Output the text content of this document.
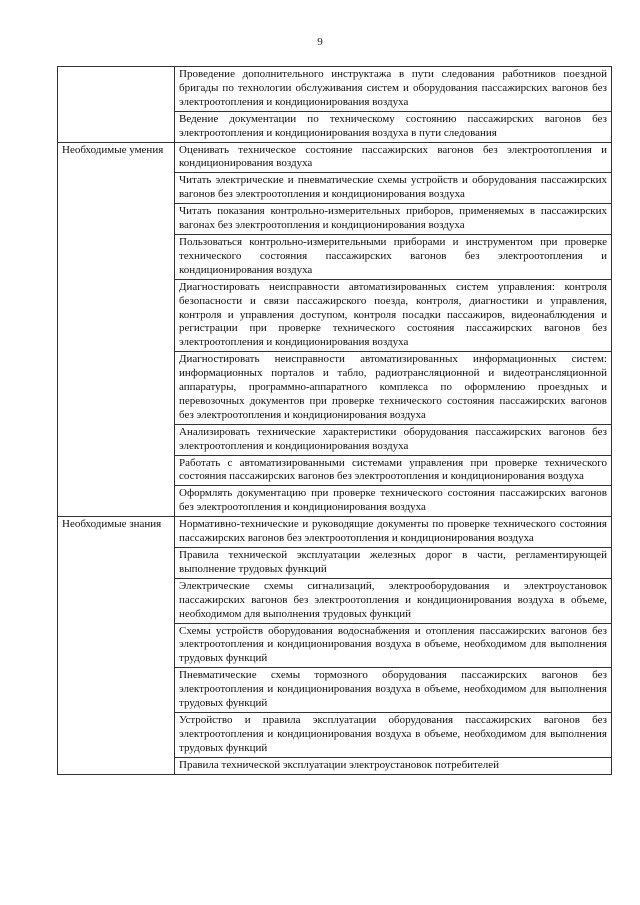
9
	Проведение дополнительного инструктажа в пути следования работников поездной бригады по технологии обслуживания систем и оборудования пассажирских вагонов без электроотопления и кондиционирования воздуха
	Ведение документации по техническому состоянию пассажирских вагонов без электроотопления и кондиционирования воздуха в пути следования
Необходимые умения	Оценивать техническое состояние пассажирских вагонов без электроотопления и кондиционирования воздуха
	Читать электрические и пневматические схемы устройств и оборудования пассажирских вагонов без электроотопления и кондиционирования воздуха
	Читать показания контрольно-измерительных приборов, применяемых в пассажирских вагонах без электроотопления и кондиционирования воздуха
	Пользоваться контрольно-измерительными приборами и инструментом при проверке технического состояния пассажирских вагонов без электроотопления и кондиционирования воздуха
	Диагностировать неисправности автоматизированных систем управления: контроля безопасности и связи пассажирского поезда, контроля, диагностики и управления, контроля и управления доступом, контроля посадки пассажиров, видеонаблюдения и регистрации при проверке технического состояния пассажирских вагонов без электроотопления и кондиционирования воздуха
	Диагностировать неисправности автоматизированных информационных систем: информационных порталов и табло, радиотрансляционной и видеотрансляционной аппаратуры, программно-аппаратного комплекса по оформлению проездных и перевозочных документов при проверке технического состояния пассажирских вагонов без электроотопления и кондиционирования воздуха
	Анализировать технические характеристики оборудования пассажирских вагонов без электроотопления и кондиционирования воздуха
	Работать с автоматизированными системами управления при проверке технического состояния пассажирских вагонов без электроотопления и кондиционирования воздуха
	Оформлять документацию при проверке технического состояния пассажирских вагонов без электроотопления и кондиционирования воздуха
Необходимые знания	Нормативно-технические и руководящие документы по проверке технического состояния пассажирских вагонов без электроотопления и кондиционирования воздуха
	Правила технической эксплуатации железных дорог в части, регламентирующей выполнение трудовых функций
	Электрические схемы сигнализаций, электрооборудования и электроустановок пассажирских вагонов без электроотопления и кондиционирования воздуха в объеме, необходимом для выполнения трудовых функций
	Схемы устройств оборудования водоснабжения и отопления пассажирских вагонов без электроотопления и кондиционирования воздуха в объеме, необходимом для выполнения трудовых функций
	Пневматические схемы тормозного оборудования пассажирских вагонов без электроотопления и кондиционирования воздуха в объеме, необходимом для выполнения трудовых функций
	Устройство и правила эксплуатации оборудования пассажирских вагонов без электроотопления и кондиционирования воздуха в объеме, необходимом для выполнения трудовых функций
	Правила технической эксплуатации электроустановок потребителей
